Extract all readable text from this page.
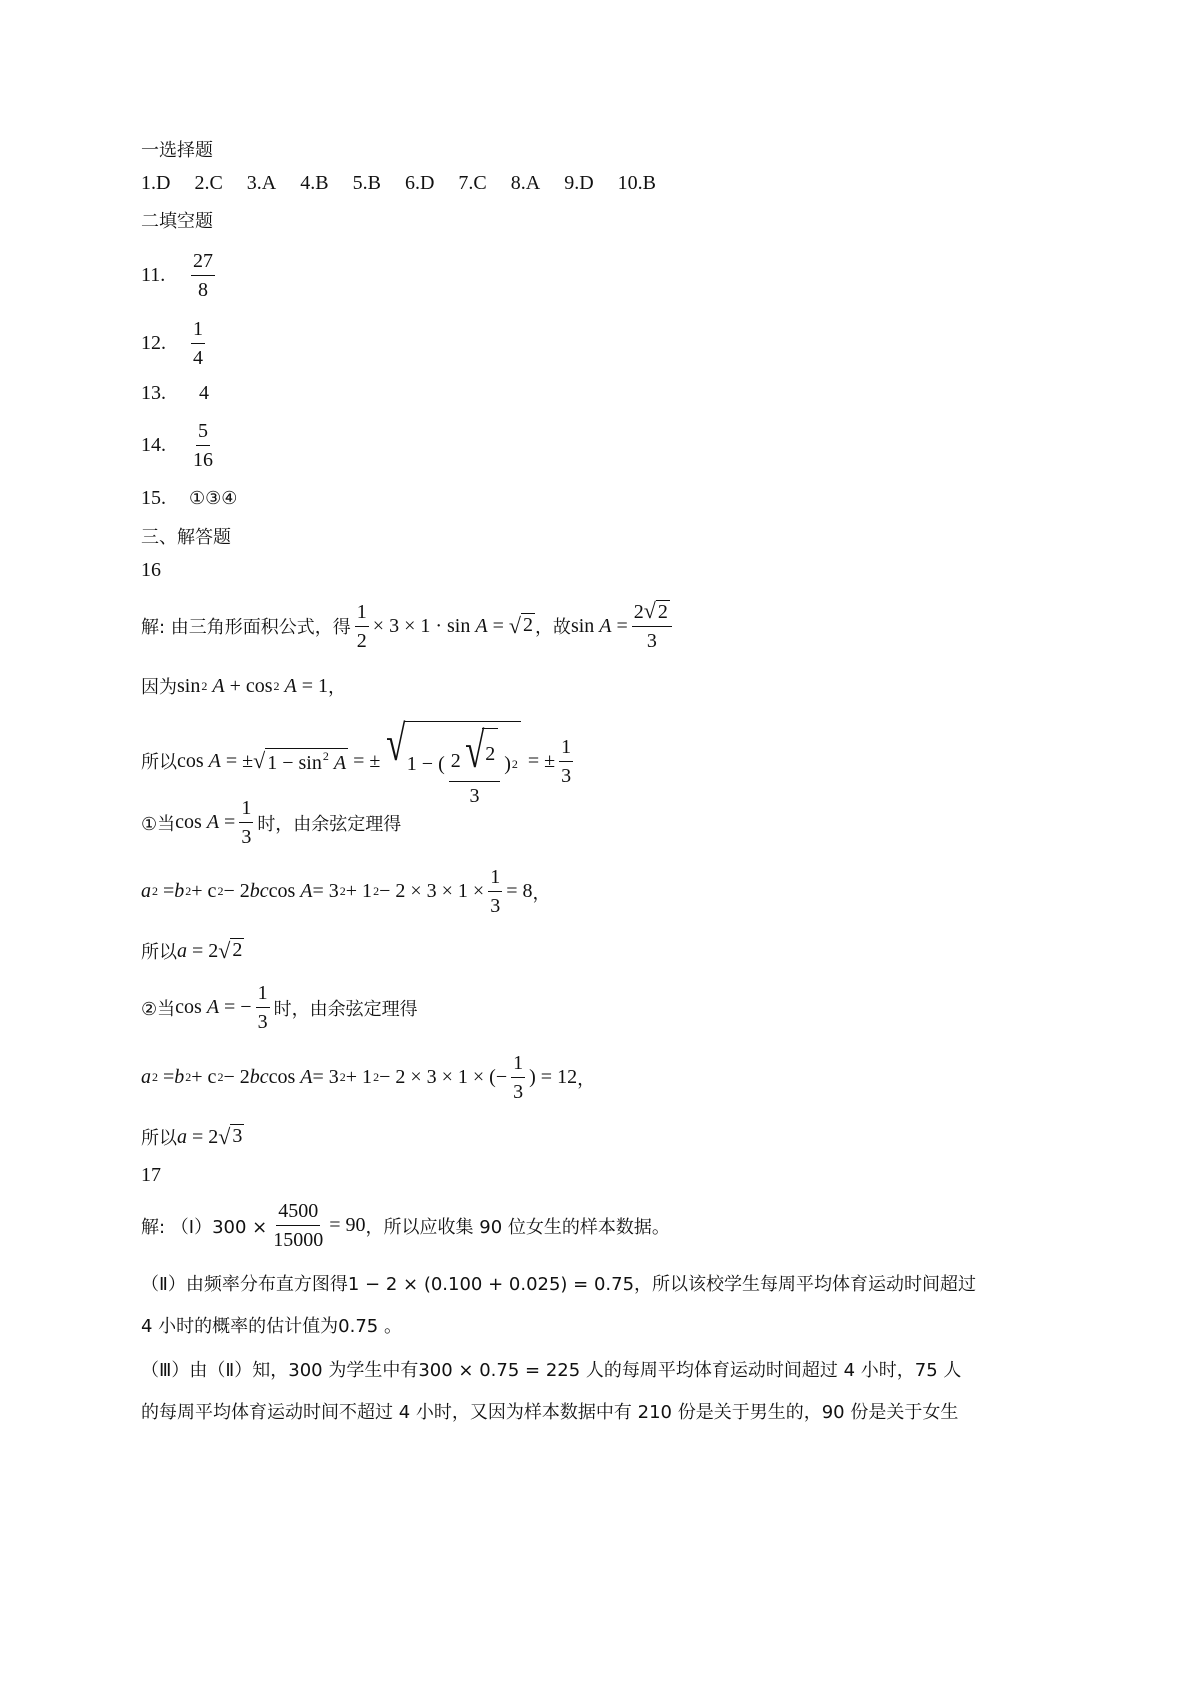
一选择题
1.D 2.C 3.A 4.B 5.B 6.D 7.C 8.A 9.D 10.B
二填空题
11.	$\frac{27}{8}$
12.	$\frac{1}{4}$
13.	4
14.	$\frac{5}{16}$
15.	①③④
三、解答题
16
解: 由三角形面积公式，得 $\frac{1}{2} \times 3 \times 1 \cdot \sin$
A
=
√ 2 ，故 sin
A
= $\frac{2 √ 2}{3}$
因为 sin 2
A
+ cos 2
A
= 1 ，
所以 cos
A
= ± √ $1 - \sin^2 A$
= ± √ 1 − ( $\frac{2 √ 2}{3}$ ) 2
= ± $\frac{1}{3}$
①当 cos
A
= $\frac{1}{3}$ 时，由余弦定理得
a 2
= b 2 + c 2 − 2 bc cos
A = 3 2 + 1 $2 - 2 \times 3 \times 1 \times \frac{1}{3} = 8$ ，
所以 a
= 2 √ 2
②当 cos
A
= − $\frac{1}{3}$ 时，由余弦定理得
a 2
= b 2 + c 2 − 2 bc cos
A = 3 2 + 1 2 − 2 × 3 × 1 × (− $\frac{1}{3}$ ) = 12 ，
所以 a
= 2 √ 3
17
解: （Ⅰ）300 × $\frac{4500}{15000} = 90$ ，所以应收集 90 位女生的样本数据。
（Ⅱ）由频率分布直方图得1 − 2 × (0.100 + 0.025) = 0.75，所以该校学生每周平均体育运动时间超过
4 小时的概率的估计值为0.75 。
（Ⅲ）由（Ⅱ）知，300 为学生中有300 × 0.75 = 225 人的每周平均体育运动时间超过 4 小时，75 人
的每周平均体育运动时间不超过 4 小时，又因为样本数据中有 210 份是关于男生的，90 份是关于女生
